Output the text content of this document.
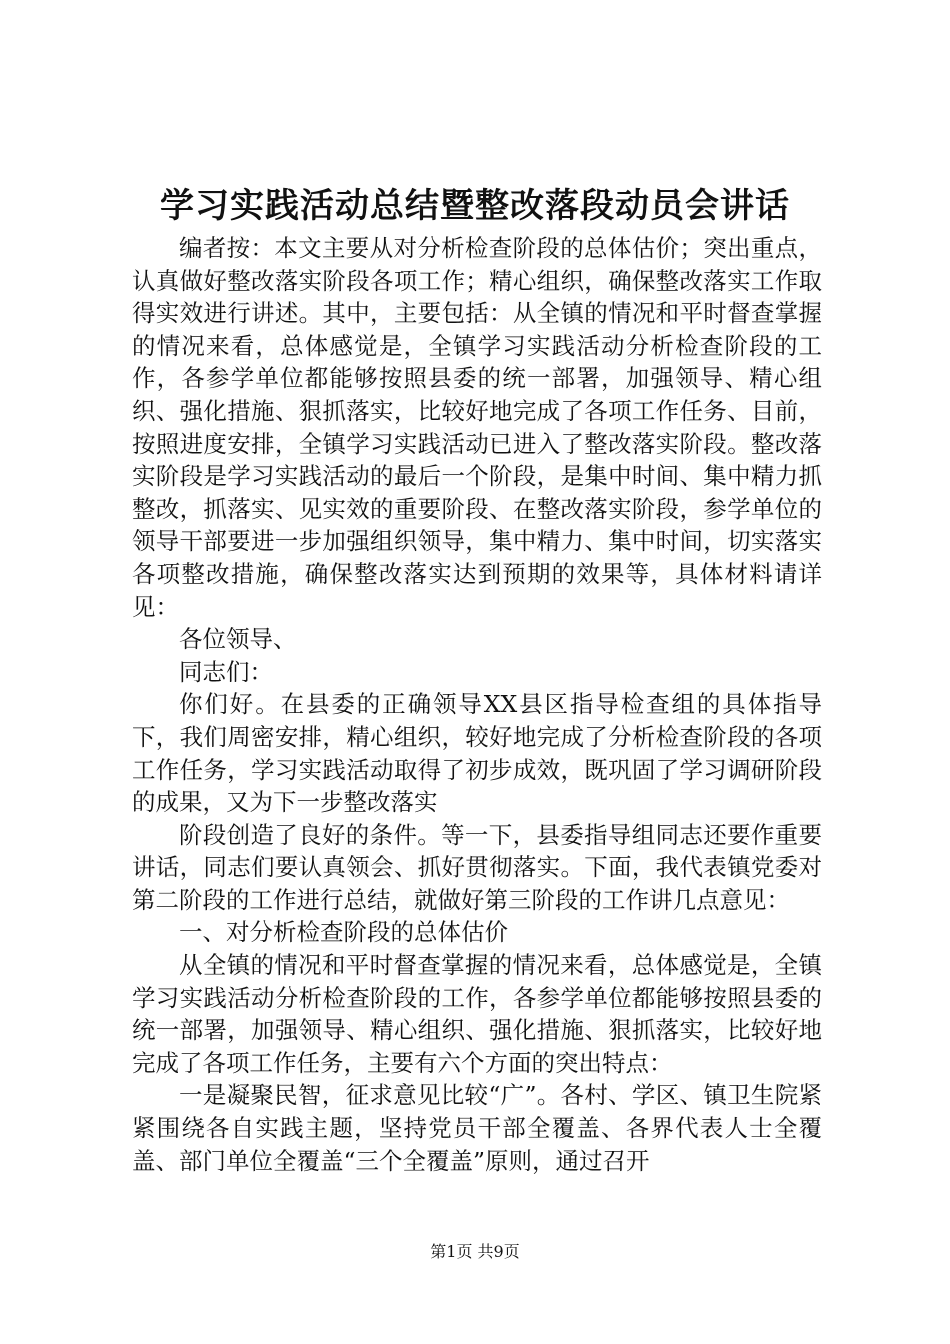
学习实践活动总结暨整改落段动员会讲话

编者按：本文主要从对分析检查阶段的总体估价；突出重点，认真做好整改落实阶段各项工作；精心组织，确保整改落实工作取得实效进行讲述。其中，主要包括：从全镇的情况和平时督查掌握的情况来看，总体感觉是，全镇学习实践活动分析检查阶段的工作，各参学单位都能够按照县委的统一部署，加强领导、精心组织、强化措施、狠抓落实，比较好地完成了各项工作任务、目前，按照进度安排，全镇学习实践活动已进入了整改落实阶段。整改落实阶段是学习实践活动的最后一个阶段，是集中时间、集中精力抓整改，抓落实、见实效的重要阶段、在整改落实阶段，参学单位的领导干部要进一步加强组织领导，集中精力、集中时间，切实落实各项整改措施，确保整改落实达到预期的效果等，具体材料请详见：

各位领导、

同志们：

你们好。在县委的正确领导XX县区指导检查组的具体指导下，我们周密安排，精心组织，较好地完成了分析检查阶段的各项工作任务，学习实践活动取得了初步成效，既巩固了学习调研阶段的成果，又为下一步整改落实

阶段创造了良好的条件。等一下，县委指导组同志还要作重要讲话，同志们要认真领会、抓好贯彻落实。下面，我代表镇党委对第二阶段的工作进行总结，就做好第三阶段的工作讲几点意见：

一、对分析检查阶段的总体估价

从全镇的情况和平时督查掌握的情况来看，总体感觉是，全镇学习实践活动分析检查阶段的工作，各参学单位都能够按照县委的统一部署，加强领导、精心组织、强化措施、狠抓落实，比较好地完成了各项工作任务，主要有六个方面的突出特点：

一是凝聚民智，征求意见比较“广”。各村、学区、镇卫生院紧紧围绕各自实践主题，坚持党员干部全覆盖、各界代表人士全覆盖、部门单位全覆盖“三个全覆盖”原则，通过召开

第1页 共9页
